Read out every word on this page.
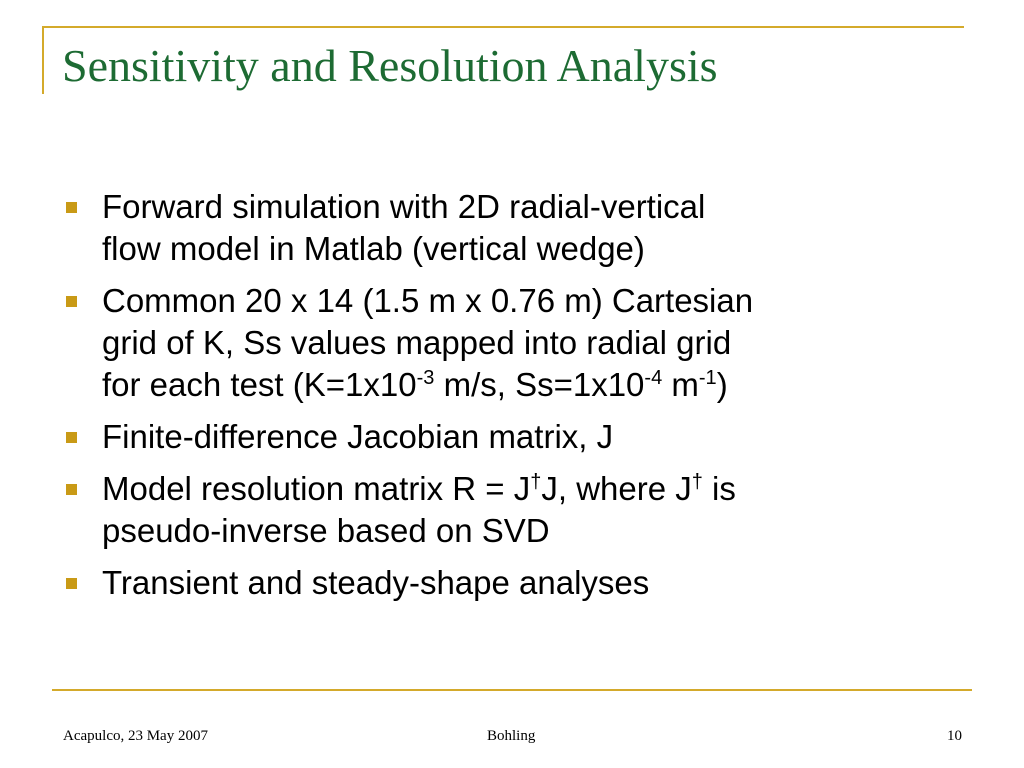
Sensitivity and Resolution Analysis
Forward simulation with 2D radial-vertical
flow model in Matlab (vertical wedge)
Common 20 x 14 (1.5 m x 0.76 m) Cartesian
grid of K, Ss values mapped into radial grid
for each test ($K=1x10^{-3}$ m/s, $Ss=1x10^{-4}$ $m^{-1}$)
Finite-difference Jacobian matrix, J
Model resolution matrix R = J†J, where J† is
pseudo-inverse based on SVD
Transient and steady-shape analyses
Acapulco, 23 May 2007	Bohling	10
